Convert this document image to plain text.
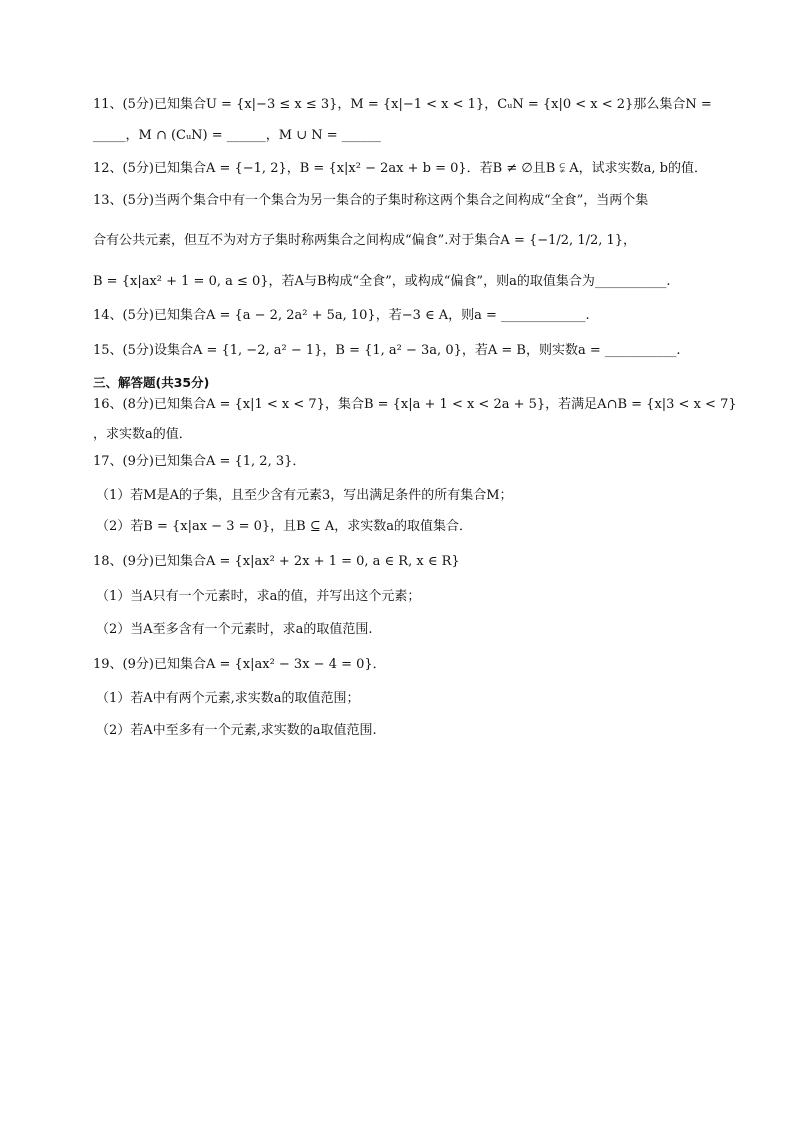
11、(5分)已知集合U = {x|−3 ≤ x ≤ 3}，M = {x|−1 < x < 1}，CᵤN = {x|0 < x < 2}那么集合N =
_____，M ∩ (CᵤN) = ______，M ∪ N = ______
12、(5分)已知集合A = {−1, 2}，B = {x|x² − 2ax + b = 0}．若B ≠ ∅且B ⫋ A，试求实数a, b的值．
13、(5分)当两个集合中有一个集合为另一集合的子集时称这两个集合之间构成“全食”，当两个集
合有公共元素，但互不为对方子集时称两集合之间构成“偏食”.对于集合A = {−1/2, 1/2, 1}，
B = {x|ax² + 1 = 0, a ≤ 0}，若A与B构成“全食”，或构成“偏食”，则a的取值集合为___________.
14、(5分)已知集合A = {a − 2, 2a² + 5a, 10}，若−3 ∈ A，则a = _____________.
15、(5分)设集合A = {1, −2, a² − 1}，B = {1, a² − 3a, 0}，若A = B，则实数a = ___________.
三、解答题(共35分)
16、(8分)已知集合A = {x|1 < x < 7}，集合B = {x|a + 1 < x < 2a + 5}，若满足A∩B = {x|3 < x < 7}
，求实数a的值．
17、(9分)已知集合A = {1, 2, 3}．
（1）若M是A的子集，且至少含有元素3，写出满足条件的所有集合M；
（2）若B = {x|ax − 3 = 0}，且B ⊆ A，求实数a的取值集合．
18、(9分)已知集合A = {x|ax² + 2x + 1 = 0, a ∈ R, x ∈ R}
（1）当A只有一个元素时，求a的值，并写出这个元素；
（2）当A至多含有一个元素时，求a的取值范围.
19、(9分)已知集合A = {x|ax² − 3x − 4 = 0}．
（1）若A中有两个元素,求实数a的取值范围；
（2）若A中至多有一个元素,求实数的a取值范围.
